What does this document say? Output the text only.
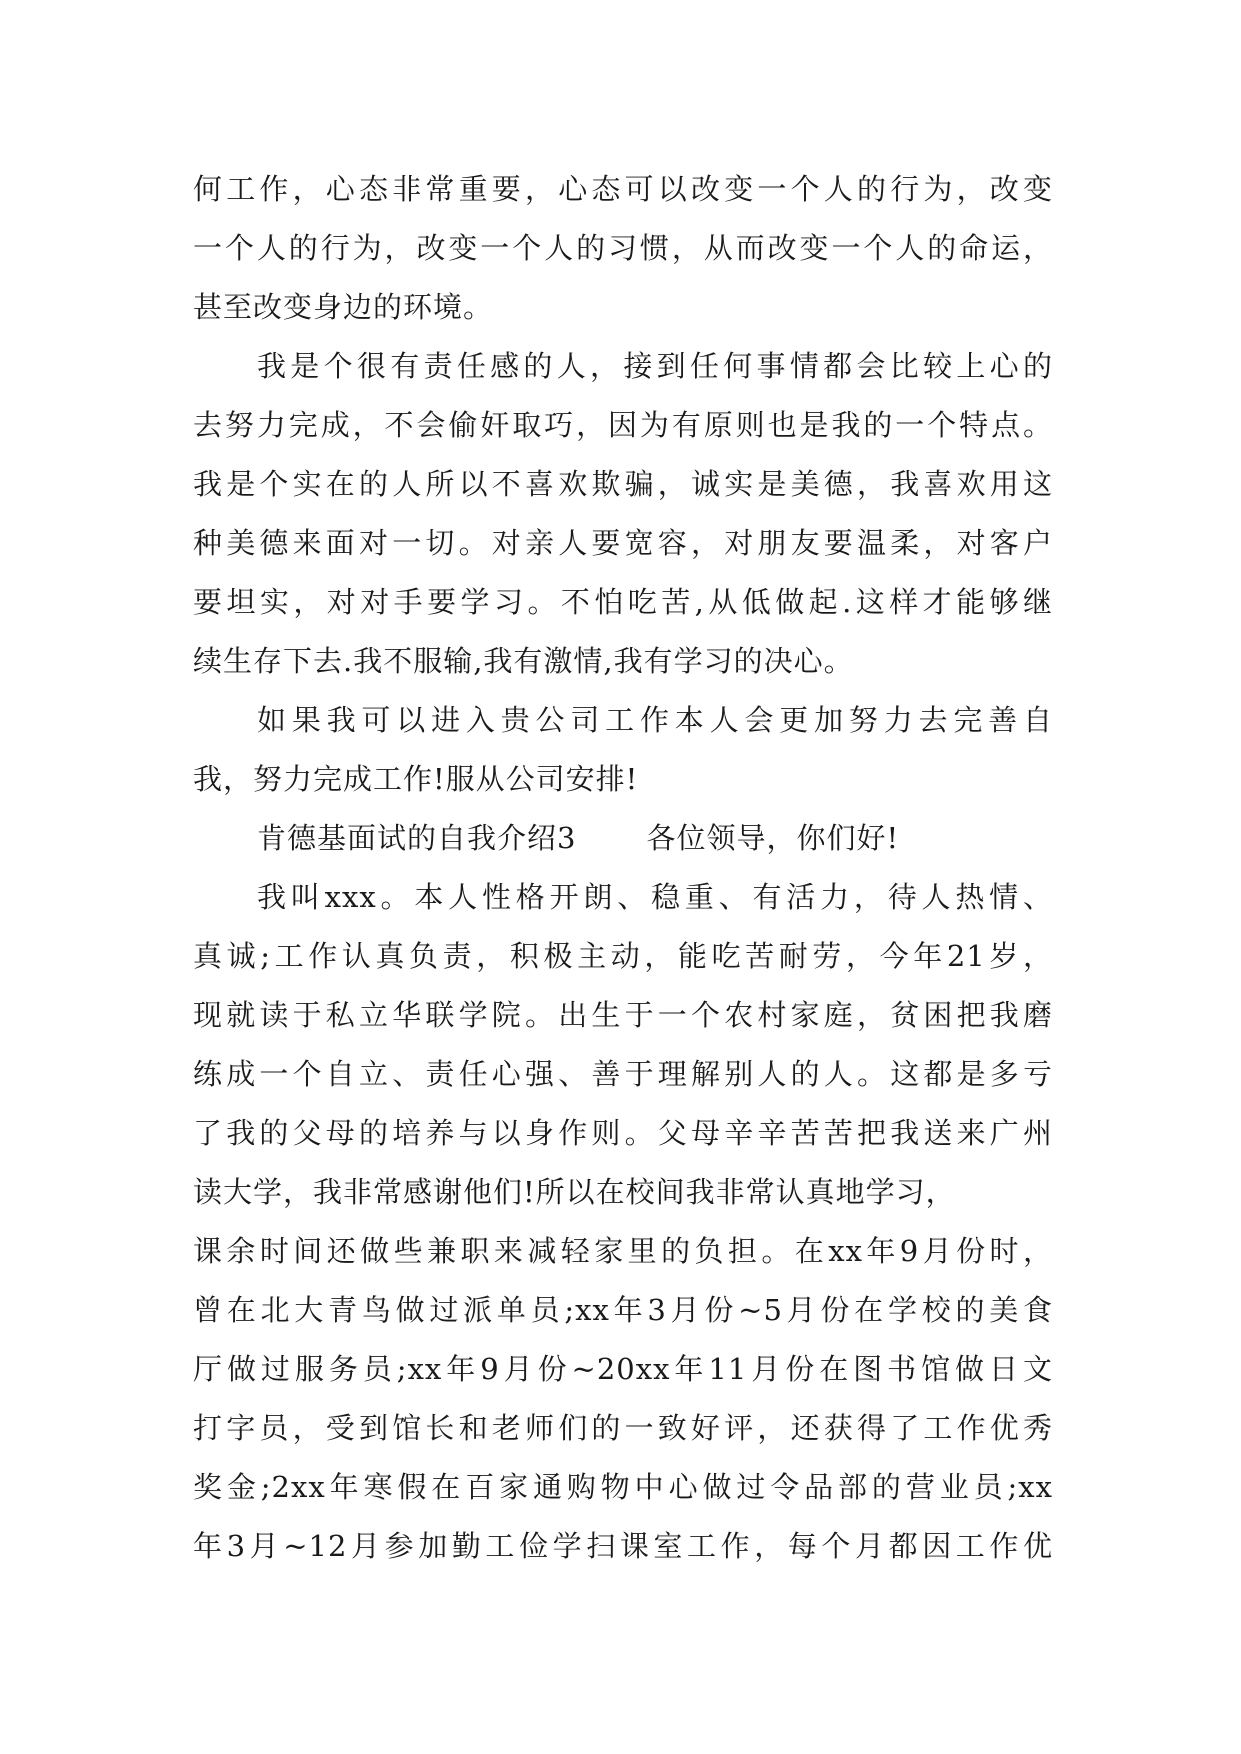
何工作，心态非常重要，心态可以改变一个人的行为，改变
一个人的行为，改变一个人的习惯，从而改变一个人的命运，
甚至改变身边的环境。
我是个很有责任感的人，接到任何事情都会比较上心的
去努力完成，不会偷奸取巧，因为有原则也是我的一个特点。
我是个实在的人所以不喜欢欺骗，诚实是美德，我喜欢用这
种美德来面对一切。对亲人要宽容，对朋友要温柔，对客户
要坦实，对对手要学习。不怕吃苦,从低做起.这样才能够继
续生存下去.我不服输,我有激情,我有学习的决心。
如果我可以进入贵公司工作本人会更加努力去完善自
我，努力完成工作!服从公司安排!
肯德基面试的自我介绍3 各位领导，你们好!
我叫xxx。本人性格开朗、稳重、有活力，待人热情、
真诚;工作认真负责，积极主动，能吃苦耐劳，今年21岁，
现就读于私立华联学院。出生于一个农村家庭，贫困把我磨
练成一个自立、责任心强、善于理解别人的人。这都是多亏
了我的父母的培养与以身作则。父母辛辛苦苦把我送来广州
读大学，我非常感谢他们!所以在校间我非常认真地学习，
课余时间还做些兼职来减轻家里的负担。在xx年9月份时，
曾在北大青鸟做过派单员;xx年3月份~5月份在学校的美食
厅做过服务员;xx年9月份~20xx年11月份在图书馆做日文
打字员，受到馆长和老师们的一致好评，还获得了工作优秀
奖金;2xx年寒假在百家通购物中心做过令品部的营业员;xx
年3月~12月参加勤工俭学扫课室工作，每个月都因工作优
